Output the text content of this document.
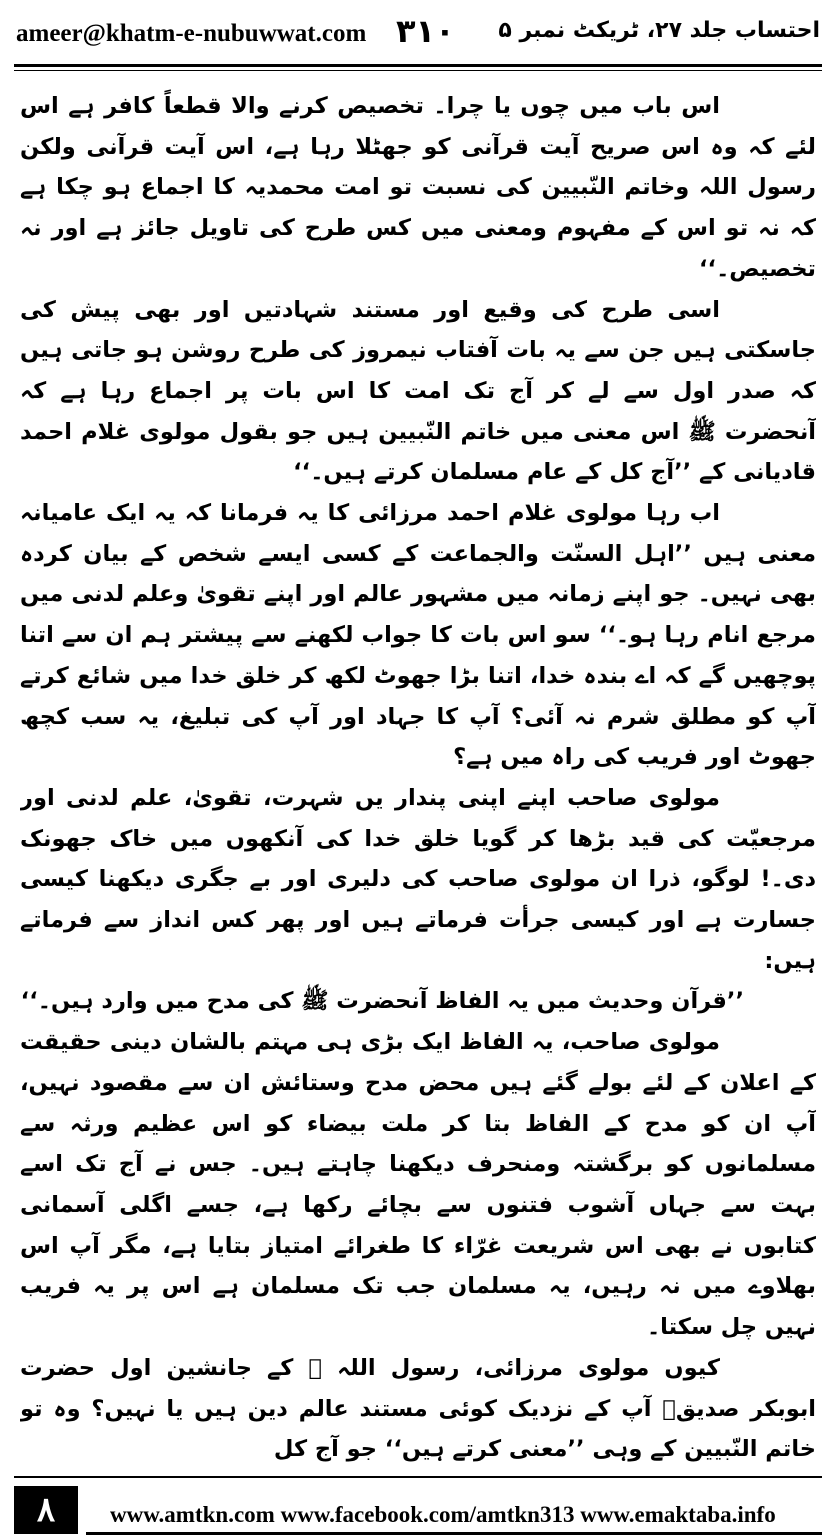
ameer@khatm-e-nubuwwat.com ۳۱۰ احتساب جلد ۲۷، ٹریکٹ نمبر ۵

اس باب میں چوں یا چرا۔ تخصیص کرنے والا قطعاً کافر ہے اس لئے کہ وہ اس صریح آیت قرآنی کو جھٹلا رہا ہے، اس آیت قرآنی ولکن رسول اللہ وخاتم النّبیین کی نسبت تو امت محمدیہ کا اجماع ہو چکا ہے کہ نہ تو اس کے مفہوم ومعنی میں کس طرح کی تاویل جائز ہے اور نہ تخصیص۔‘‘

اسی طرح کی وقیع اور مستند شہادتیں اور بھی پیش کی جاسکتی ہیں جن سے یہ بات آفتاب نیمروز کی طرح روشن ہو جاتی ہیں کہ صدر اول سے لے کر آج تک امت کا اس بات پر اجماع رہا ہے کہ آنحضرت ﷺ اس معنی میں خاتم النّبیین ہیں جو بقول مولوی غلام احمد قادیانی کے ’’آج کل کے عام مسلمان کرتے ہیں۔‘‘

اب رہا مولوی غلام احمد مرزائی کا یہ فرمانا کہ یہ ایک عامیانہ معنی ہیں ’’اہل السنّت والجماعت کے کسی ایسے شخص کے بیان کردہ بھی نہیں۔ جو اپنے زمانہ میں مشہور عالم اور اپنے تقویٰ وعلم لدنی میں مرجع انام رہا ہو۔‘‘ سو اس بات کا جواب لکھنے سے پیشتر ہم ان سے اتنا پوچھیں گے کہ اے بندہ خدا، اتنا بڑا جھوٹ لکھ کر خلق خدا میں شائع کرتے آپ کو مطلق شرم نہ آئی؟ آپ کا جہاد اور آپ کی تبلیغ، یہ سب کچھ جھوٹ اور فریب کی راہ میں ہے؟

مولوی صاحب اپنے اپنی پندار یں شہرت، تقویٰ، علم لدنی اور مرجعیّت کی قید بڑھا کر گویا خلق خدا کی آنکھوں میں خاک جھونک دی۔! لوگو، ذرا ان مولوی صاحب کی دلیری اور بے جگری دیکھنا کیسی جسارت ہے اور کیسی جرأت فرماتے ہیں اور پھر کس انداز سے فرماتے ہیں:

’’قرآن وحدیث میں یہ الفاظ آنحضرت ﷺ کی مدح میں وارد ہیں۔‘‘

مولوی صاحب، یہ الفاظ ایک بڑی ہی مہتم بالشان دینی حقیقت کے اعلان کے لئے بولے گئے ہیں محض مدح وستائش ان سے مقصود نہیں، آپ ان کو مدح کے الفاظ بتا کر ملت بیضاء کو اس عظیم ورثہ سے مسلمانوں کو برگشتہ ومنحرف دیکھنا چاہتے ہیں۔ جس نے آج تک اسے بہت سے جہاں آشوب فتنوں سے بچائے رکھا ہے، جسے اگلی آسمانی کتابوں نے بھی اس شریعت غرّاء کا طغرائے امتیاز بتایا ہے، مگر آپ اس بھلاوے میں نہ رہیں، یہ مسلمان جب تک مسلمان ہے اس پر یہ فریب نہیں چل سکتا۔

کیوں مولوی مرزائی، رسول اللہ ﷺ کے جانشین اول حضرت ابوبکر صدیقؓ آپ کے نزدیک کوئی مستند عالم دین ہیں یا نہیں؟ وہ تو خاتم النّبیین کے وہی ’’معنی کرتے ہیں‘‘ جو آج کل

۸	www.amtkn.com www.facebook.com/amtkn313 www.emaktaba.info
